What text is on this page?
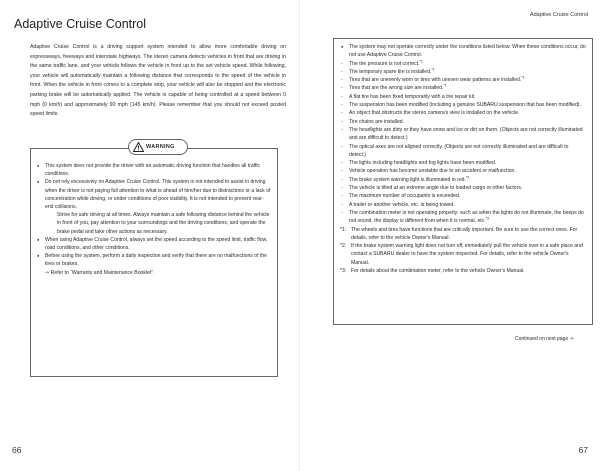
Adaptive Cruise Control

Adaptive Cruise Control is a driving support system intended to allow more comfortable driving on expressways, freeways and interstate highways. The stereo camera detects vehicles in front that are driving in the same traffic lane, and your vehicle follows the vehicle in front up to the set vehicle speed. While following, your vehicle will automatically maintain a following distance that corresponds to the speed of the vehicle in front. When the vehicle in front comes to a complete stop, your vehicle will also be stopped and the electronic parking brake will be automatically applied. The vehicle is capable of being controlled at a speed between 0 mph (0 km/h) and approximately 90 mph (145 km/h). Please remember that you should not exceed posted speed limits.

WARNING
● This system does not provide the driver with an automatic driving function that handles all traffic conditions.
● Do not rely excessively on Adaptive Cruise Control. This system is not intended to assist in driving when the driver is not paying full attention to what is ahead of him/her due to distractions or a lack of concentration while driving, or under conditions of poor visibility. It is not intended to prevent rear-end collisions.
Strive for safe driving at all times. Always maintain a safe following distance behind the vehicle in front of you, pay attention to your surroundings and the driving conditions, and operate the brake pedal and take other actions as necessary.
● When using Adaptive Cruise Control, always set the speed according to the speed limit, traffic flow, road conditions, and other conditions.
● Before using the system, perform a daily inspection and verify that there are no malfunctions of the tires or brakes.
⇒ Refer to “Warranty and Maintenance Booklet”.
66
Adaptive Cruise Control

● The system may not operate correctly under the conditions listed below. When these conditions occur, do not use Adaptive Cruise Control.

- The tire pressure is not correct.$^{*1}$
- The temporary spare tire is installed.$^{*1}$
- Tires that are unevenly worn or tires with uneven wear patterns are installed.$^{*1}$
- Tires that are the wrong size are installed.$^{*1}$
- A flat tire has been fixed temporarily with a tire repair kit.
- The suspension has been modified (including a genuine SUBARU suspension that has been modified).
- An object that obstructs the stereo camera's view is installed on the vehicle.
- Tire chains are installed.
- The headlights are dirty or they have snow and ice or dirt on them. (Objects are not correctly illuminated and are difficult to detect.)
- The optical axes are not aligned correctly. (Objects are not correctly illuminated and are difficult to detect.)
- The lights including headlights and fog lights have been modified.
- Vehicle operation has become unstable due to an accident or malfunction.
- The brake system warning light is illuminated in red.$^{*2}$
- The vehicle is tilted at an extreme angle due to loaded cargo or other factors.
- The maximum number of occupants is exceeded.
- A trailer or another vehicle, etc. is being towed.
- The combination meter is not operating properly; such as when the lights do not illuminate, the beeps do not sound, the display is different from when it is normal, etc.$^{*3}$
*1: The wheels and tires have functions that are critically important. Be sure to use the correct ones. For details, refer to the vehicle Owner's Manual.
*2: If the brake system warning light does not turn off, immediately pull the vehicle over in a safe place and contact a SUBARU dealer to have the system inspected. For details, refer to the vehicle Owner's Manual.
*3: For details about the combination meter, refer to the vehicle Owner's Manual.
Continued on next page ⇒
67
